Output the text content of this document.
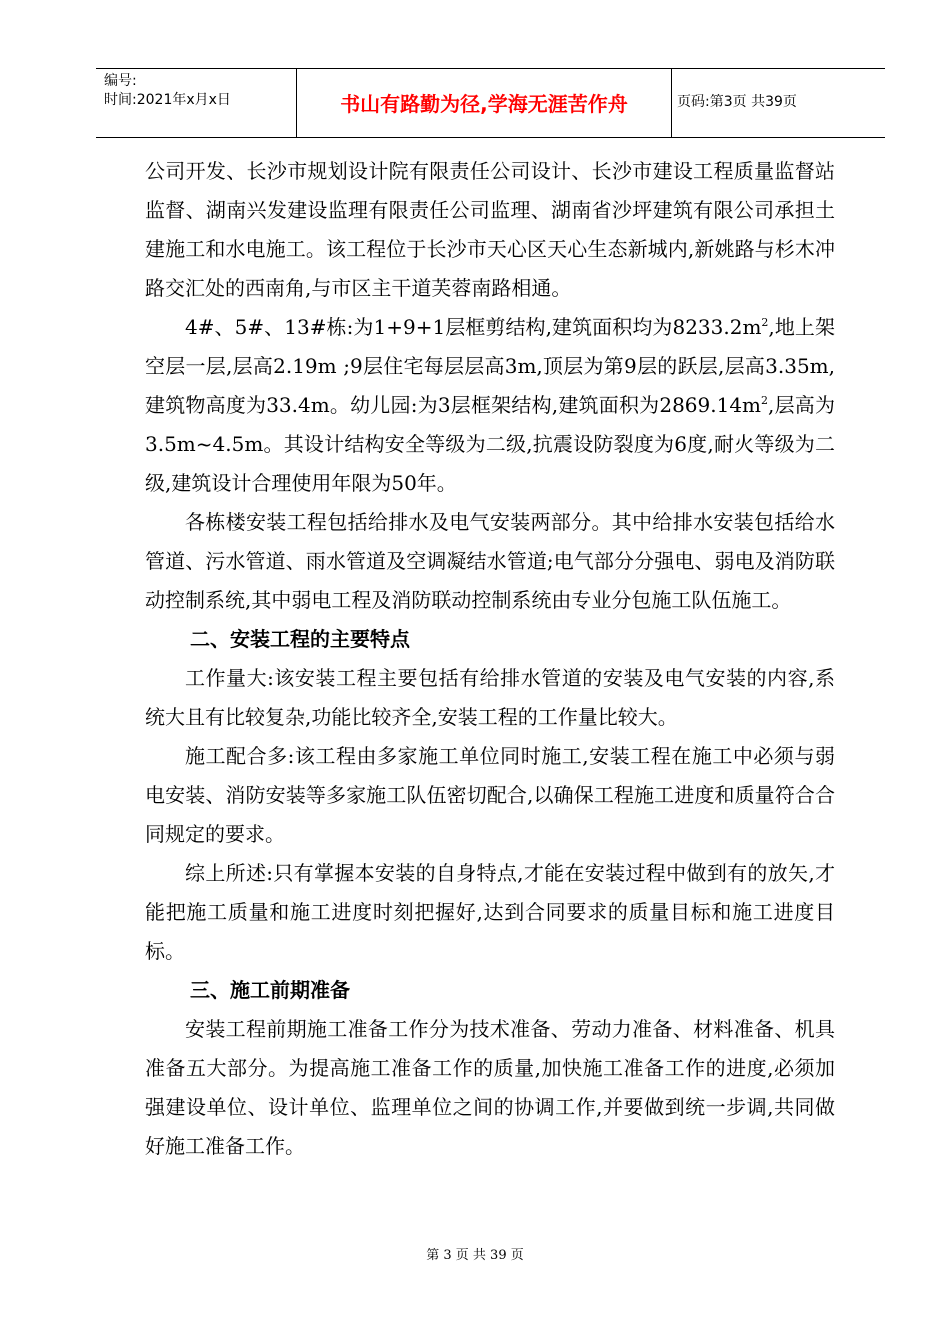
编号:
时间:2021年x月x日	书山有路勤为径,学海无涯苦作舟	页码:第3页 共39页

公司开发、长沙市规划设计院有限责任公司设计、长沙市建设工程质量监督站监督、湖南兴发建设监理有限责任公司监理、湖南省沙坪建筑有限公司承担土建施工和水电施工。该工程位于长沙市天心区天心生态新城内,新姚路与杉木冲路交汇处的西南角,与市区主干道芙蓉南路相通。

4#、5#、13#栋:为1+9+1层框剪结构,建筑面积均为$8233.2m^2$,地上架空层一层,层高2.19m ;9层住宅每层层高3m,顶层为第9层的跃层,层高3.35m,建筑物高度为33.4m。幼儿园:为3层框架结构,建筑面积为$2869.14m^2$,层高为3.5m~4.5m。其设计结构安全等级为二级,抗震设防裂度为6度,耐火等级为二级,建筑设计合理使用年限为50年。

各栋楼安装工程包括给排水及电气安装两部分。其中给排水安装包括给水管道、污水管道、雨水管道及空调凝结水管道;电气部分分强电、弱电及消防联动控制系统,其中弱电工程及消防联动控制系统由专业分包施工队伍施工。

二、安装工程的主要特点

工作量大:该安装工程主要包括有给排水管道的安装及电气安装的内容,系统大且有比较复杂,功能比较齐全,安装工程的工作量比较大。

施工配合多:该工程由多家施工单位同时施工,安装工程在施工中必须与弱电安装、消防安装等多家施工队伍密切配合,以确保工程施工进度和质量符合合同规定的要求。

综上所述:只有掌握本安装的自身特点,才能在安装过程中做到有的放矢,才能把施工质量和施工进度时刻把握好,达到合同要求的质量目标和施工进度目标。

三、施工前期准备

安装工程前期施工准备工作分为技术准备、劳动力准备、材料准备、机具准备五大部分。为提高施工准备工作的质量,加快施工准备工作的进度,必须加强建设单位、设计单位、监理单位之间的协调工作,并要做到统一步调,共同做好施工准备工作。

第 3 页 共 39 页
